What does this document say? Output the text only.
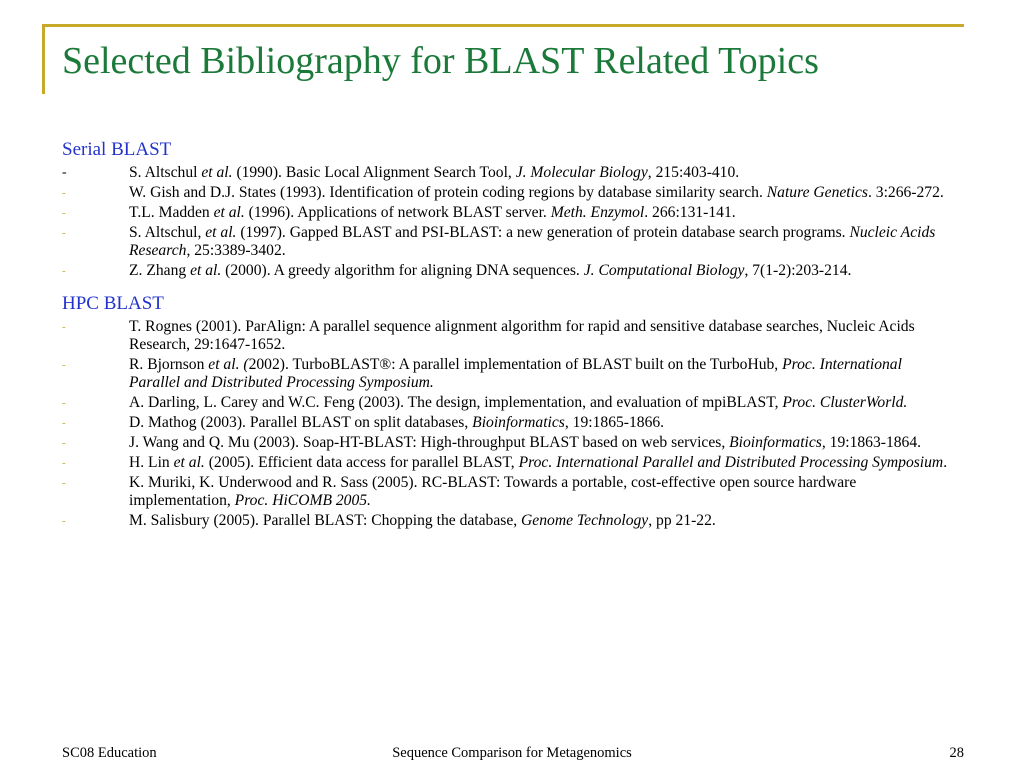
Selected Bibliography for BLAST Related Topics
Serial BLAST
-	S. Altschul et al. (1990). Basic Local Alignment Search Tool, J. Molecular Biology, 215:403-410.
-	W. Gish and D.J. States (1993). Identification of protein coding regions by database similarity search. Nature Genetics. 3:266-272.
-	T.L. Madden et al. (1996). Applications of network BLAST server. Meth. Enzymol. 266:131-141.
-	S. Altschul, et al. (1997). Gapped BLAST and PSI-BLAST: a new generation of protein database search programs. Nucleic Acids Research, 25:3389-3402.
-	Z. Zhang et al. (2000). A greedy algorithm for aligning DNA sequences. J. Computational Biology, 7(1-2):203-214.
HPC BLAST
-	T. Rognes (2001). ParAlign: A parallel sequence alignment algorithm for rapid and sensitive database searches, Nucleic Acids Research, 29:1647-1652.
-	R. Bjornson et al. (2002). TurboBLAST®: A parallel implementation of BLAST built on the TurboHub, Proc. International Parallel and Distributed Processing Symposium.
-	A. Darling, L. Carey and W.C. Feng (2003). The design, implementation, and evaluation of mpiBLAST, Proc. ClusterWorld.
-	D. Mathog (2003). Parallel BLAST on split databases, Bioinformatics, 19:1865-1866.
-	J. Wang and Q. Mu (2003). Soap-HT-BLAST: High-throughput BLAST based on web services, Bioinformatics, 19:1863-1864.
-	H. Lin et al. (2005). Efficient data access for parallel BLAST, Proc. International Parallel and Distributed Processing Symposium.
-	K. Muriki, K. Underwood and R. Sass (2005). RC-BLAST: Towards a portable, cost-effective open source hardware implementation, Proc. HiCOMB 2005.
-	M. Salisbury (2005). Parallel BLAST: Chopping the database, Genome Technology, pp 21-22.
SC08 Education	Sequence Comparison for Metagenomics	28
